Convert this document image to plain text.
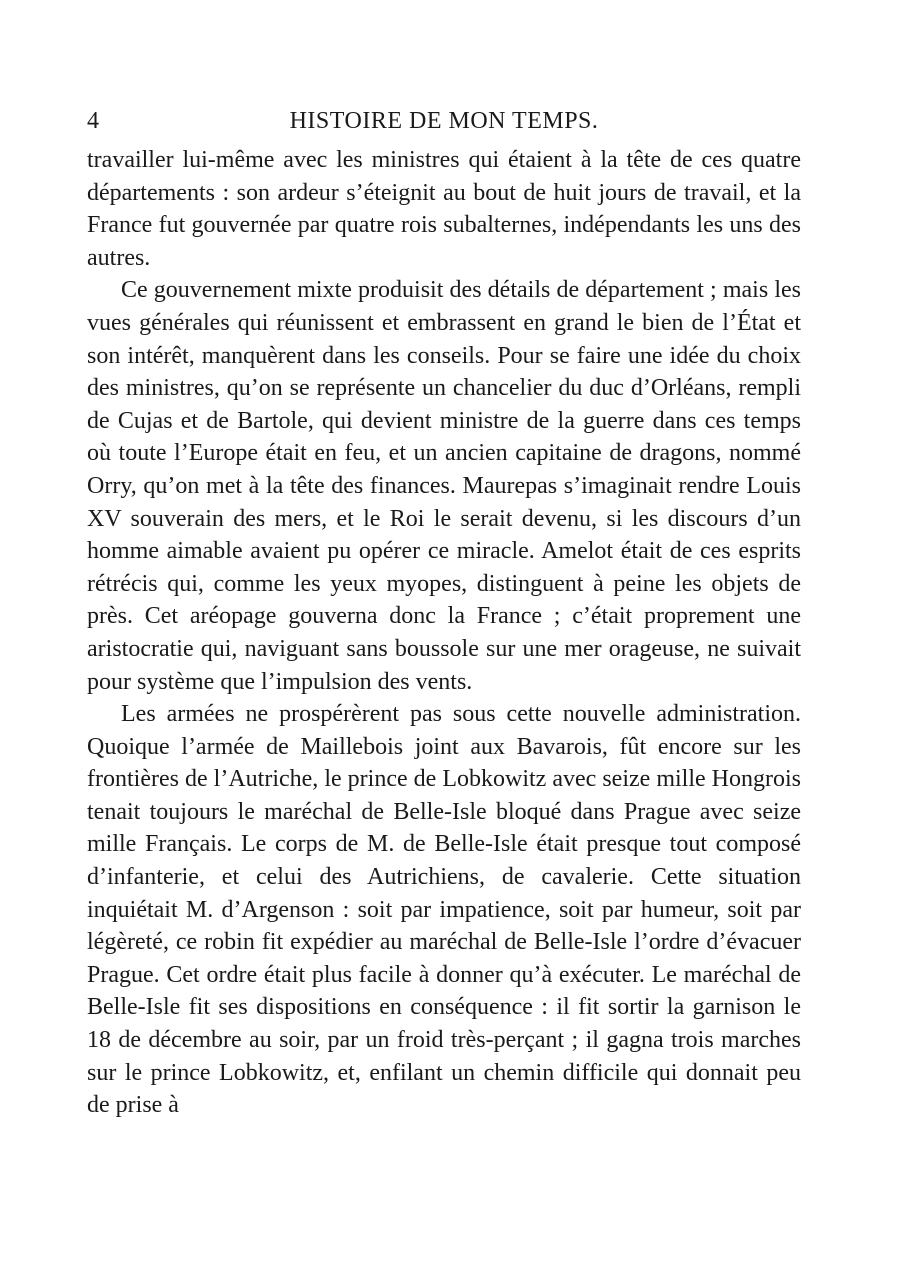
4	HISTOIRE DE MON TEMPS.

travailler lui-même avec les ministres qui étaient à la tête de ces quatre départements : son ardeur s’éteignit au bout de huit jours de travail, et la France fut gouvernée par quatre rois subalternes, indépendants les uns des autres.

Ce gouvernement mixte produisit des détails de département ; mais les vues générales qui réunissent et embrassent en grand le bien de l’État et son intérêt, manquèrent dans les conseils. Pour se faire une idée du choix des ministres, qu’on se représente un chancelier du duc d’Orléans, rempli de Cujas et de Bartole, qui devient ministre de la guerre dans ces temps où toute l’Europe était en feu, et un ancien capitaine de dragons, nommé Orry, qu’on met à la tête des finances. Maurepas s’imaginait rendre Louis XV souverain des mers, et le Roi le serait devenu, si les discours d’un homme aimable avaient pu opérer ce miracle. Amelot était de ces esprits rétrécis qui, comme les yeux myopes, distinguent à peine les objets de près. Cet aréopage gouverna donc la France ; c’était proprement une aristocratie qui, naviguant sans boussole sur une mer orageuse, ne suivait pour système que l’impulsion des vents.

Les armées ne prospérèrent pas sous cette nouvelle administration. Quoique l’armée de Maillebois joint aux Bavarois, fût encore sur les frontières de l’Autriche, le prince de Lobkowitz avec seize mille Hongrois tenait toujours le maréchal de Belle-Isle bloqué dans Prague avec seize mille Français. Le corps de M. de Belle-Isle était presque tout composé d’infanterie, et celui des Autrichiens, de cavalerie. Cette situation inquiétait M. d’Argenson : soit par impatience, soit par humeur, soit par légèreté, ce robin fit expédier au maréchal de Belle-Isle l’ordre d’évacuer Prague. Cet ordre était plus facile à donner qu’à exécuter. Le maréchal de Belle-Isle fit ses dispositions en conséquence : il fit sortir la garnison le 18 de décembre au soir, par un froid très-perçant ; il gagna trois marches sur le prince Lobkowitz, et, enfilant un chemin difficile qui donnait peu de prise à
